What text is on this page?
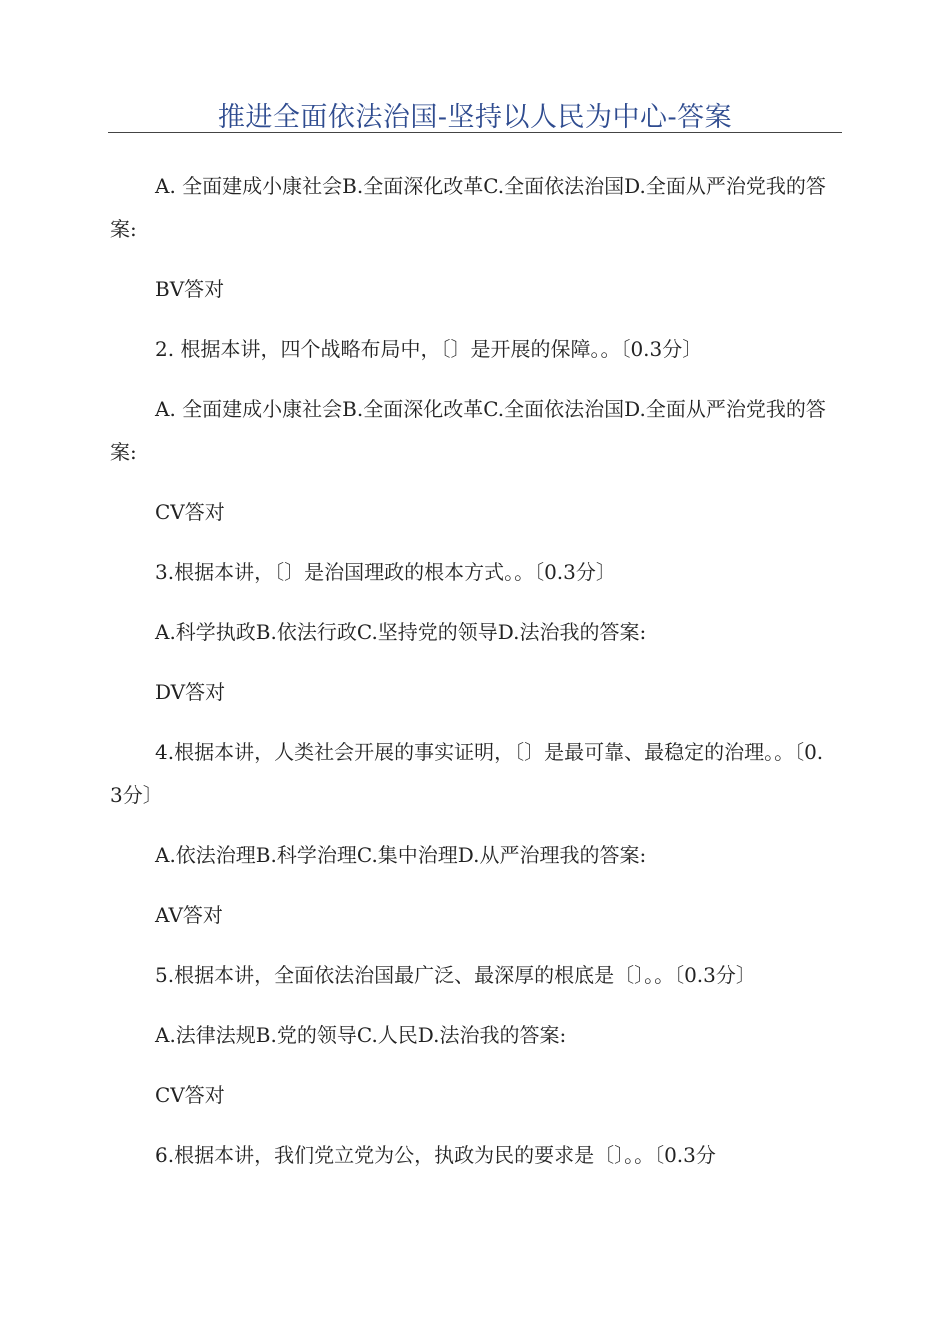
推进全面依法治国-坚持以人民为中心-答案

A. 全面建成小康社会B.全面深化改革C.全面依法治国D.全面从严治党我的答案:

BV答对

2. 根据本讲，四个战略布局中，〔〕是开展的保障。。〔0.3分〕

A. 全面建成小康社会B.全面深化改革C.全面依法治国D.全面从严治党我的答案:

CV答对

3.根据本讲，〔〕是治国理政的根本方式。。〔0.3分〕

A.科学执政B.依法行政C.坚持党的领导D.法治我的答案:

DV答对

4.根据本讲，人类社会开展的事实证明，〔〕是最可靠、最稳定的治理。。〔0.3分〕

A.依法治理B.科学治理C.集中治理D.从严治理我的答案:

AV答对

5.根据本讲，全面依法治国最广泛、最深厚的根底是〔〕。。〔0.3分〕

A.法律法规B.党的领导C.人民D.法治我的答案:

CV答对

6.根据本讲，我们党立党为公，执政为民的要求是〔〕。。〔0.3分
